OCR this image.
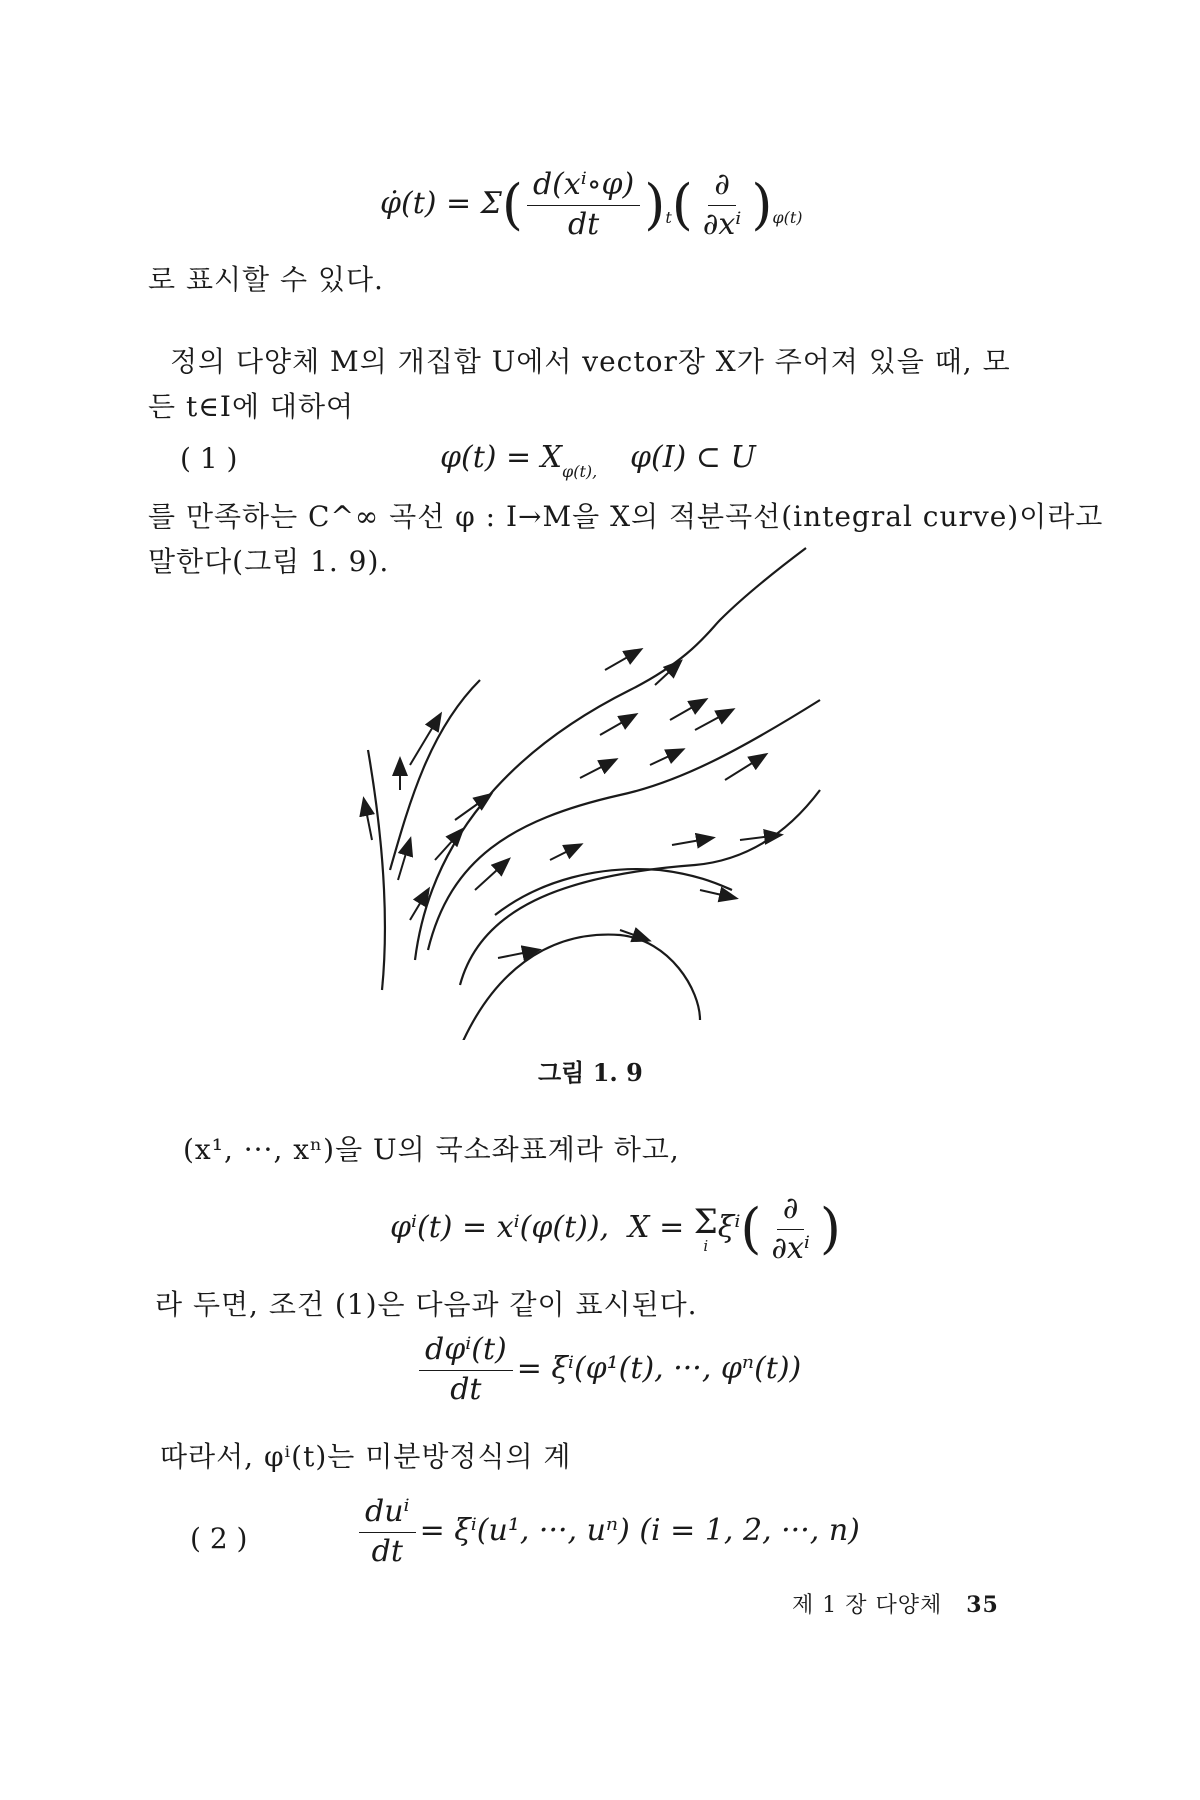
φ̇(t) = $\Sigma( \frac{\text{d(xⁱ∘φ)}}{dt} )_t( \frac{\partial}{\text{∂xⁱ}} )_{\varphi(t)}$
로 표시할 수 있다.
정의 다양체 M의 개집합 U에서 vector장 X가 주어져 있을 때, 모
든 t∈I에 대하여
( 1 )	$\varphi(t) = X_{\varphi(t),}$ φ(I) ⊂ U
를 만족하는 C^∞ 곡선 φ : I→M을 X의 적분곡선(integral curve)이라고
말한다(그림 1. 9).
그림 1. 9
(x¹, ···, xⁿ)을 U의 국소좌표계라 하고,
φⁱ(t) = xⁱ(φ(t)), X = Σ
i
$\xi^i( \frac{\partial}{\text{∂xⁱ}}$ )
라 두면, 조건 (1)은 다음과 같이 표시된다.
$\frac{\text{dφⁱ(t)}}{dt} = \xi^i(\varphi^1(t)$, ···, φⁿ(t))
따라서, φⁱ(t)는 미분방정식의 계
( 2 )	$\frac{\text{duⁱ}}{dt} = \xi^i(u^1$, ···, uⁿ) (i = 1, 2, ···, n)
제 1 장 다양체 35
